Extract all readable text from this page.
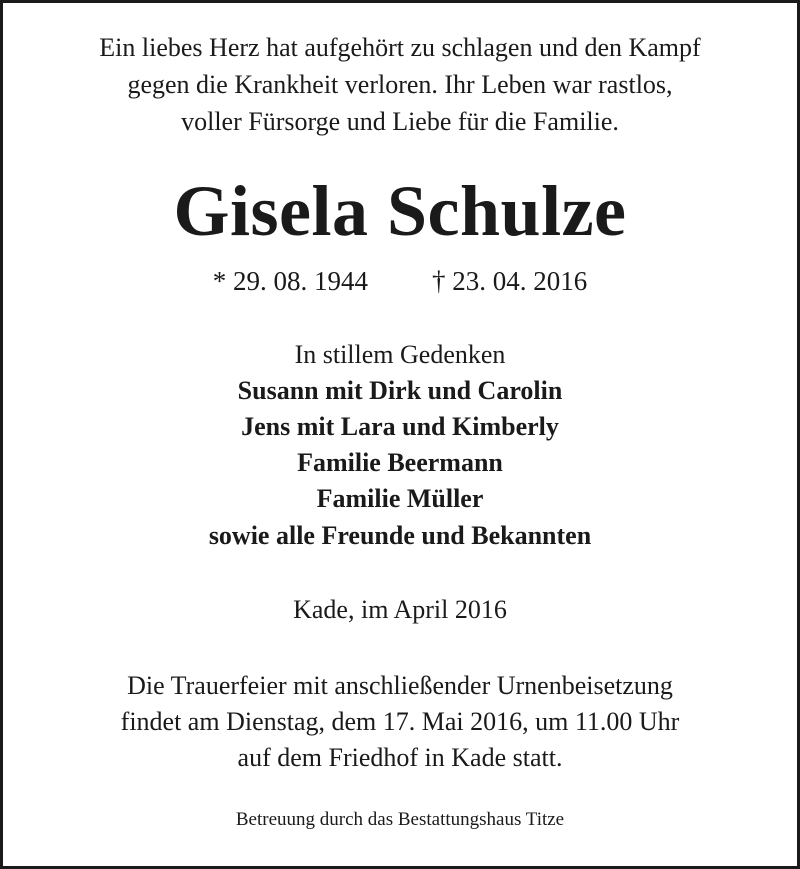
Ein liebes Herz hat aufgehört zu schlagen und den Kampf
gegen die Krankheit verloren. Ihr Leben war rastlos,
voller Fürsorge und Liebe für die Familie.
Gisela Schulze
* 29. 08. 1944 † 23. 04. 2016
In stillem Gedenken
Susann mit Dirk und Carolin
Jens mit Lara und Kimberly
Familie Beermann
Familie Müller
sowie alle Freunde und Bekannten
Kade, im April 2016
Die Trauerfeier mit anschließender Urnenbeisetzung
findet am Dienstag, dem 17. Mai 2016, um 11.00 Uhr
auf dem Friedhof in Kade statt.
Betreuung durch das Bestattungshaus Titze
